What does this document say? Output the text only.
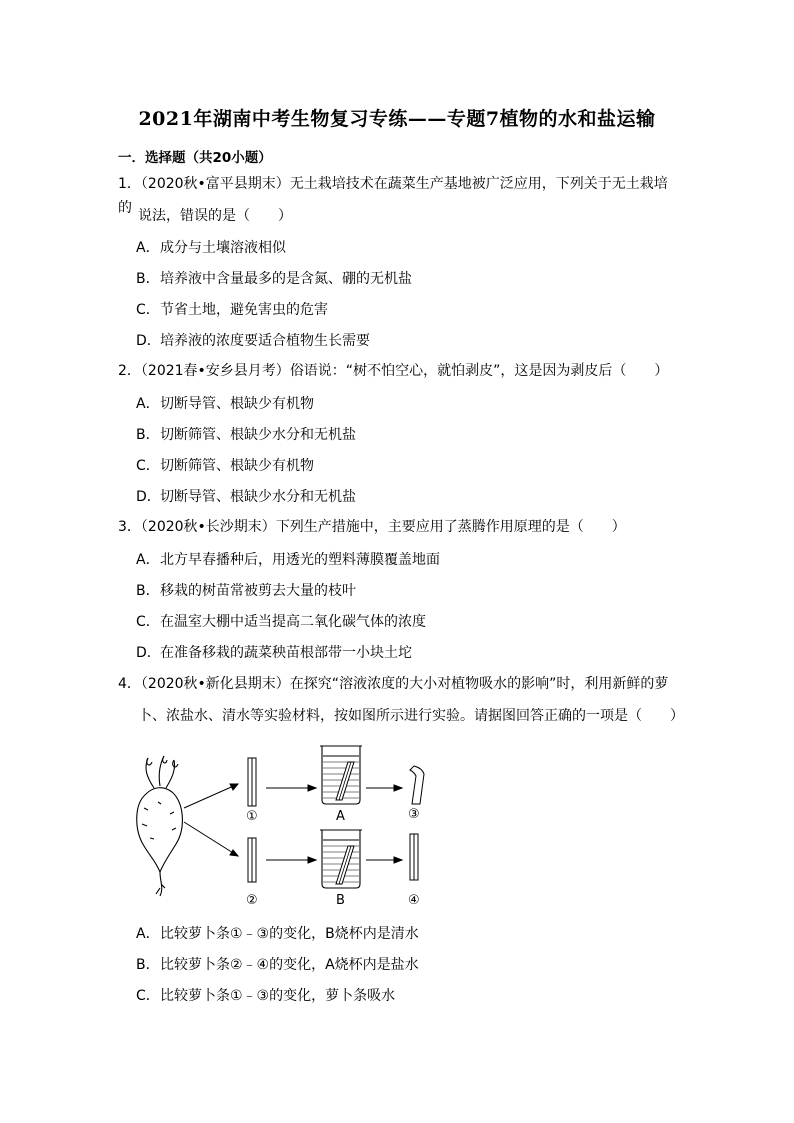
2021年湖南中考生物复习专练——专题7植物的水和盐运输
一．选择题（共20小题）
1．（2020秋•富平县期末）无土栽培技术在蔬菜生产基地被广泛应用，下列关于无土栽培的 说法，错误的是（　　）
A．成分与土壤溶液相似
B．培养液中含量最多的是含氮、硼的无机盐
C．节省土地，避免害虫的危害
D．培养液的浓度要适合植物生长需要
2．（2021春•安乡县月考）俗语说：“树不怕空心，就怕剥皮”，这是因为剥皮后（　　）
A．切断导管、根缺少有机物
B．切断筛管、根缺少水分和无机盐
C．切断筛管、根缺少有机物
D．切断导管、根缺少水分和无机盐
3．（2020秋•长沙期末）下列生产措施中，主要应用了蒸腾作用原理的是（　　）
A．北方早春播种后，用透光的塑料薄膜覆盖地面
B．移栽的树苗常被剪去大量的枝叶
C．在温室大棚中适当提高二氧化碳气体的浓度
D．在准备移栽的蔬菜秧苗根部带一小块土坨
4．（2020秋•新化县期末）在探究“溶液浓度的大小对植物吸水的影响”时，利用新鲜的萝
卜、浓盐水、清水等实验材料，按如图所示进行实验。请据图回答正确的一项是（　　）
①
②
③
④
A
B
A．比较萝卜条①﹣③的变化，B烧杯内是清水
B．比较萝卜条②﹣④的变化，A烧杯内是盐水
C．比较萝卜条①﹣③的变化，萝卜条吸水
